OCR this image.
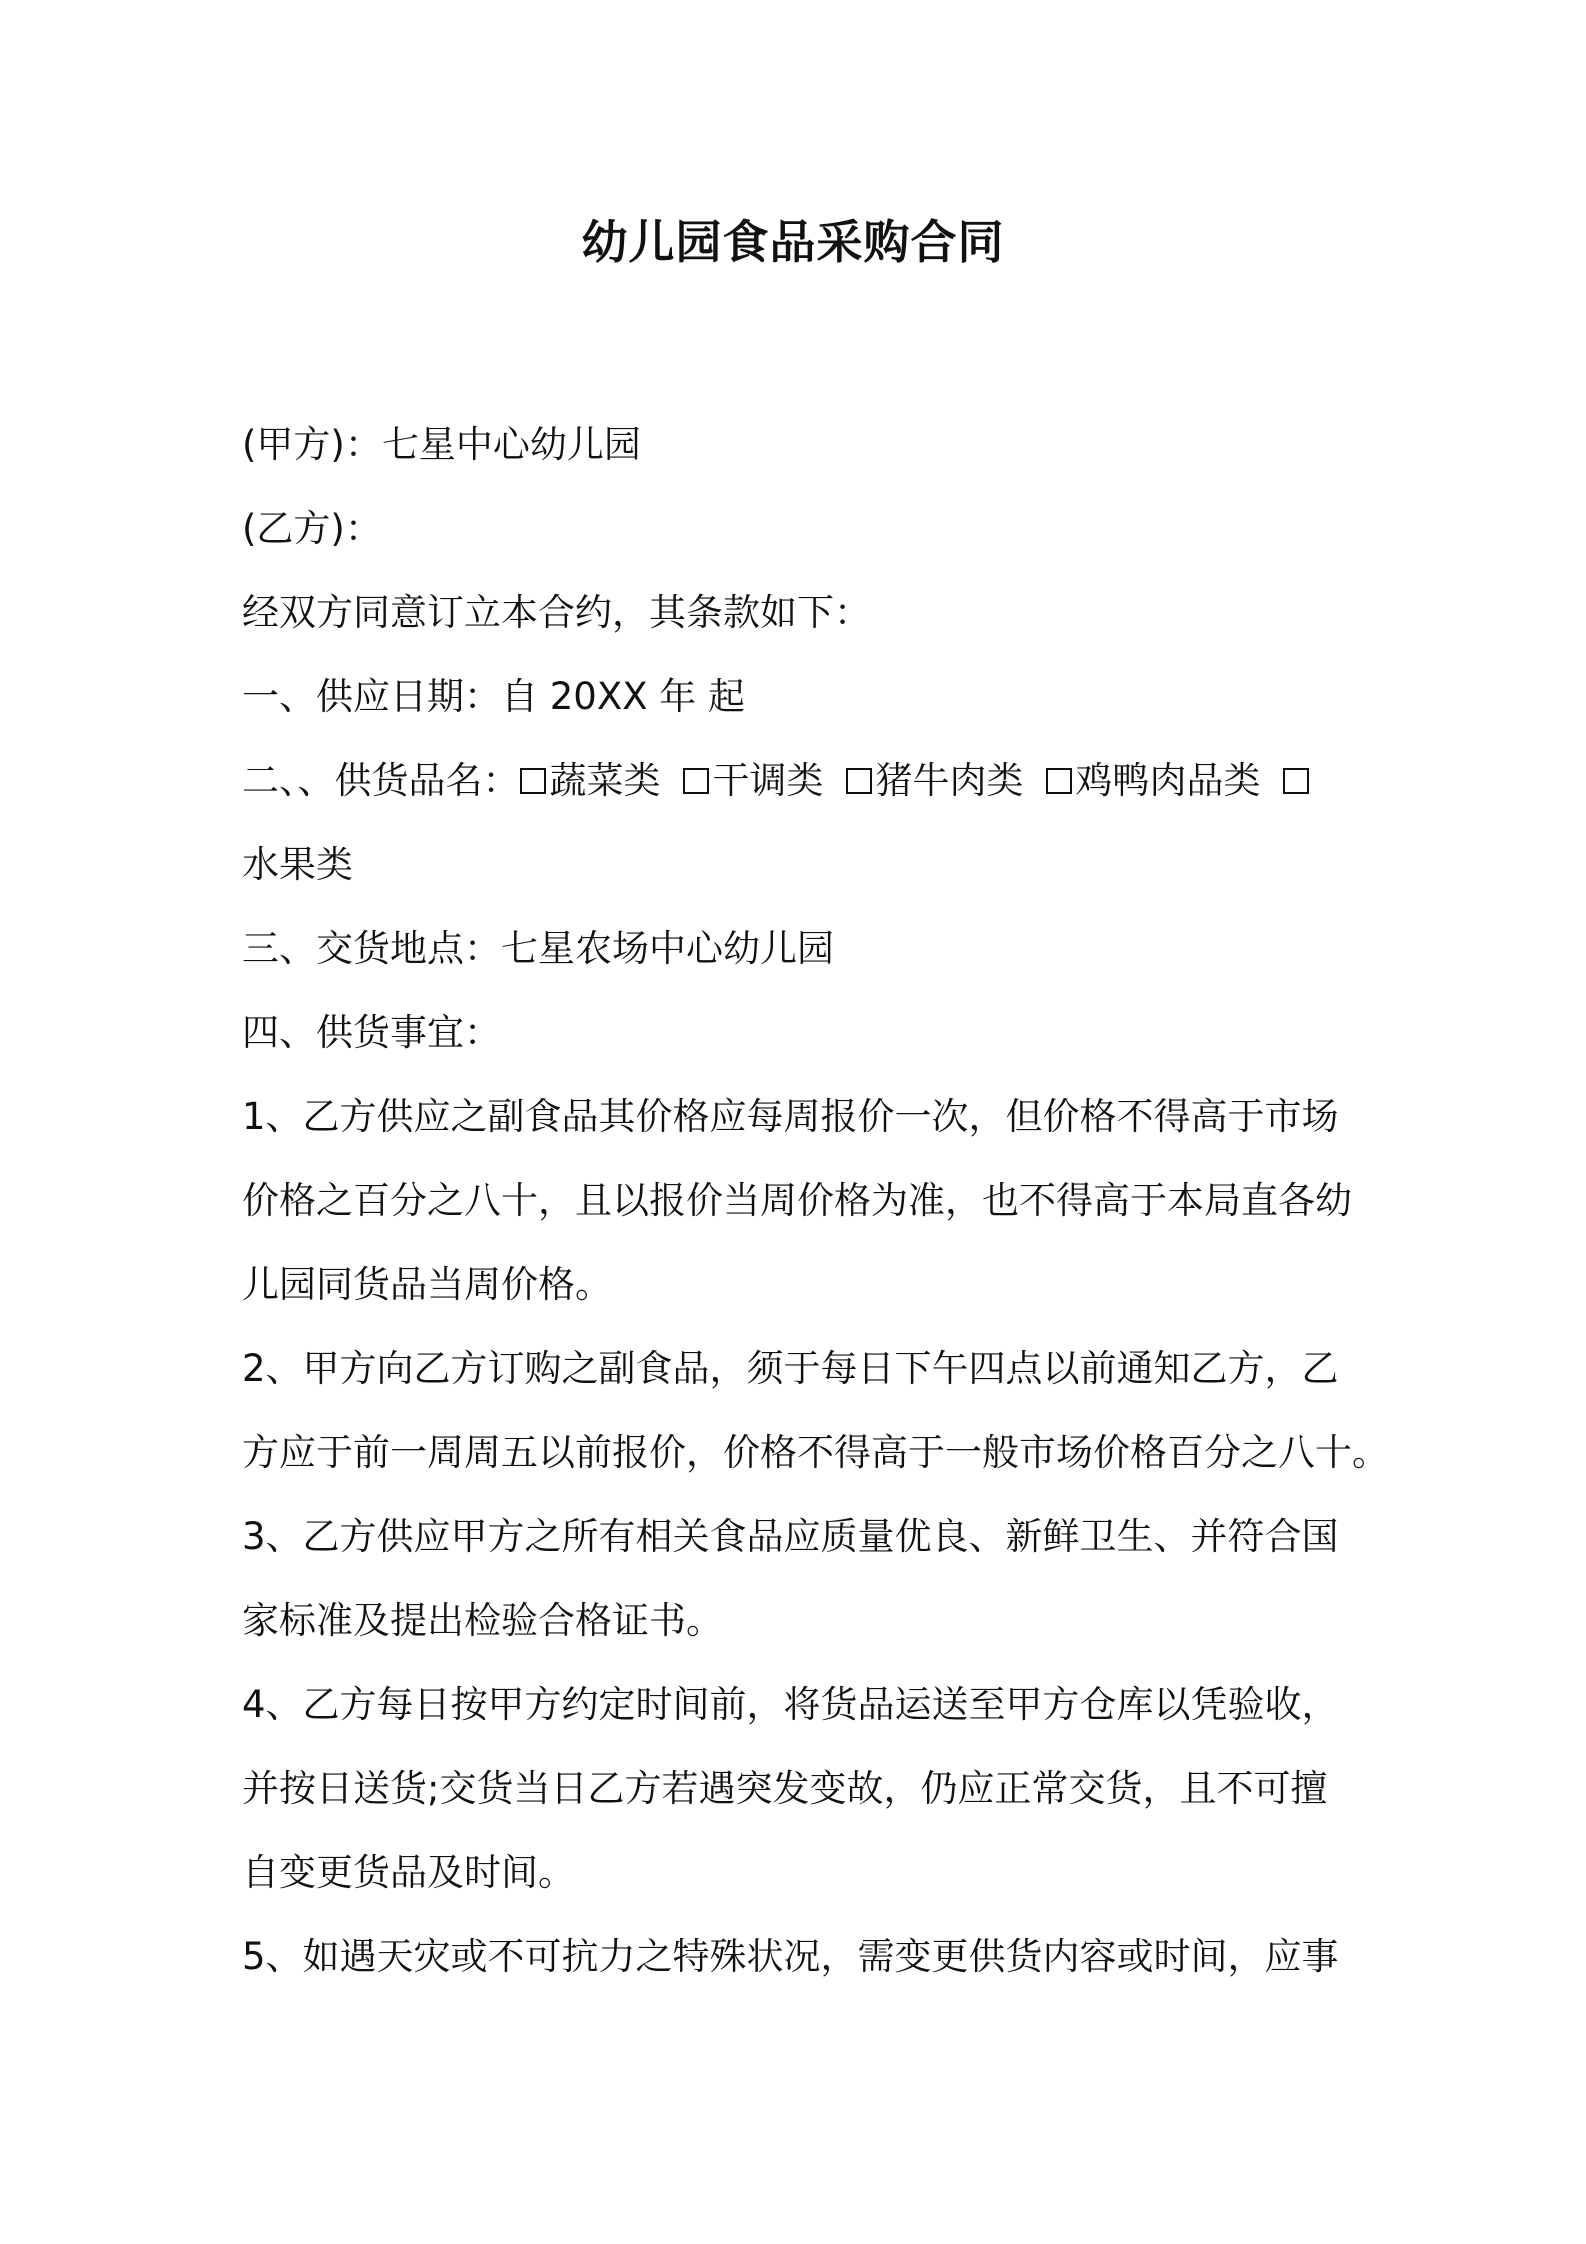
幼儿园食品采购合同
(甲方)：七星中心幼儿园
(乙方)：
经双方同意订立本合约，其条款如下：
一、供应日期：自 20XX 年 起
二、、供货品名： 蔬菜类 干调类 猪牛肉类 鸡鸭肉品类
水果类
三、交货地点：七星农场中心幼儿园
四、供货事宜：
1、乙方供应之副食品其价格应每周报价一次，但价格不得高于市场
价格之百分之八十，且以报价当周价格为准，也不得高于本局直各幼
儿园同货品当周价格。
2、甲方向乙方订购之副食品，须于每日下午四点以前通知乙方，乙
方应于前一周周五以前报价，价格不得高于一般市场价格百分之八十。
3、乙方供应甲方之所有相关食品应质量优良、新鲜卫生、并符合国
家标准及提出检验合格证书。
4、乙方每日按甲方约定时间前，将货品运送至甲方仓库以凭验收，
并按日送货;交货当日乙方若遇突发变故，仍应正常交货，且不可擅
自变更货品及时间。
5、如遇天灾或不可抗力之特殊状况，需变更供货内容或时间，应事
